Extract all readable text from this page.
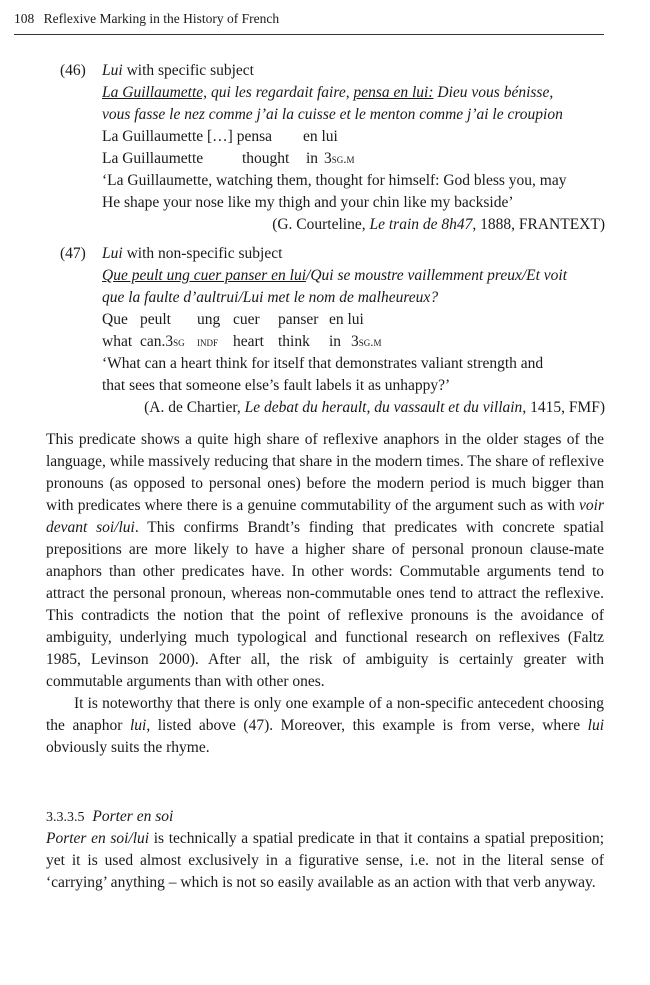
108 Reflexive Marking in the History of French
(46) Lui with specific subject
La Guillaumette, qui les regardait faire, pensa en lui: Dieu vous bénisse,
vous fasse le nez comme j’ai la cuisse et le menton comme j’ai le croupion
La Guillaumette […] pensa en lui
La Guillaumette	thought in 3sg.m
‘La Guillaumette, watching them, thought for himself: God bless you, may
He shape your nose like my thigh and your chin like my backside’
(G. Courteline, Le train de 8h47, 1888, FRANTEXT)
(47) Lui with non-specific subject
Que peult ung cuer panser en lui/Qui se moustre vaillemment preux/Et voit
que la faulte d’aultrui/Lui met le nom de malheureux?
Que peult ung cuer panser en lui
what can.3sg indf heart think in 3sg.m
‘What can a heart think for itself that demonstrates valiant strength and
that sees that someone else’s fault labels it as unhappy?’
(A. de Chartier, Le debat du herault, du vassault et du villain, 1415, FMF)

This predicate shows a quite high share of reflexive anaphors in the older stages of the language, while massively reducing that share in the modern times. The share of reflexive pronouns (as opposed to personal ones) before the modern period is much bigger than with predicates where there is a genuine commutability of the argument such as with voir devant soi/lui. This confirms Brandt’s finding that predicates with concrete spatial prepositions are more likely to have a higher share of personal pronoun clause-mate anaphors than other predicates have. In other words: Commutable arguments tend to attract the personal pronoun, whereas non-commutable ones tend to attract the reflexive. This contradicts the notion that the point of reflexive pronouns is the avoidance of ambiguity, underlying much typological and functional research on reflexives (Faltz 1985, Levinson 2000). After all, the risk of ambiguity is certainly greater with commutable arguments than with other ones.

It is noteworthy that there is only one example of a non-specific antecedent choosing the anaphor lui, listed above (47). Moreover, this example is from verse, where lui obviously suits the rhyme.

3.3.3.5 Porter en soi

Porter en soi/lui is technically a spatial predicate in that it contains a spatial preposition; yet it is used almost exclusively in a figurative sense, i.e. not in the literal sense of ‘carrying’ anything – which is not so easily available as an action with that verb anyway.
